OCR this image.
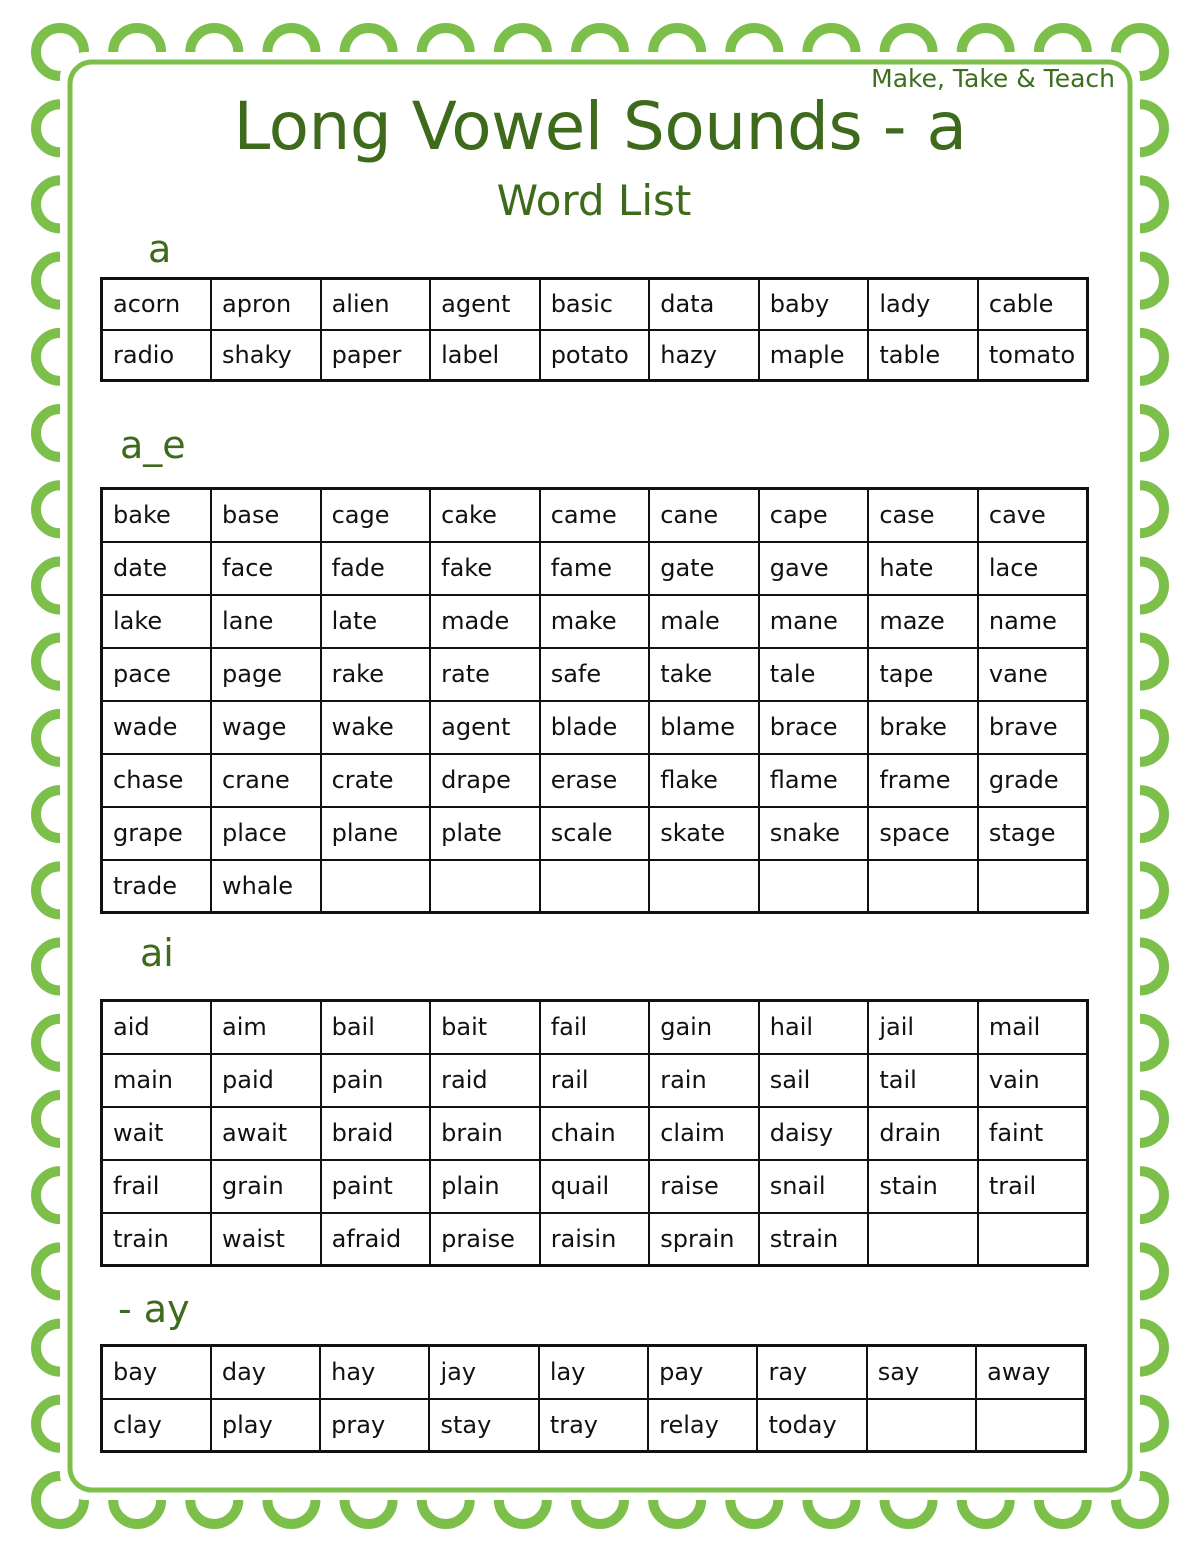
Make, Take & Teach
Long Vowel Sounds - a
Word List
a
acorn	apron	alien	agent	basic	data	baby	lady	cable
radio	shaky	paper	label	potato	hazy	maple	table	tomato
a_e
bake	base	cage	cake	came	cane	cape	case	cave
date	face	fade	fake	fame	gate	gave	hate	lace
lake	lane	late	made	make	male	mane	maze	name
pace	page	rake	rate	safe	take	tale	tape	vane
wade	wage	wake	agent	blade	blame	brace	brake	brave
chase	crane	crate	drape	erase	flake	flame	frame	grade
grape	place	plane	plate	scale	skate	snake	space	stage
trade	whale							
ai
aid	aim	bail	bait	fail	gain	hail	jail	mail
main	paid	pain	raid	rail	rain	sail	tail	vain
wait	await	braid	brain	chain	claim	daisy	drain	faint
frail	grain	paint	plain	quail	raise	snail	stain	trail
train	waist	afraid	praise	raisin	sprain	strain		
- ay
bay	day	hay	jay	lay	pay	ray	say	away
clay	play	pray	stay	tray	relay	today		
